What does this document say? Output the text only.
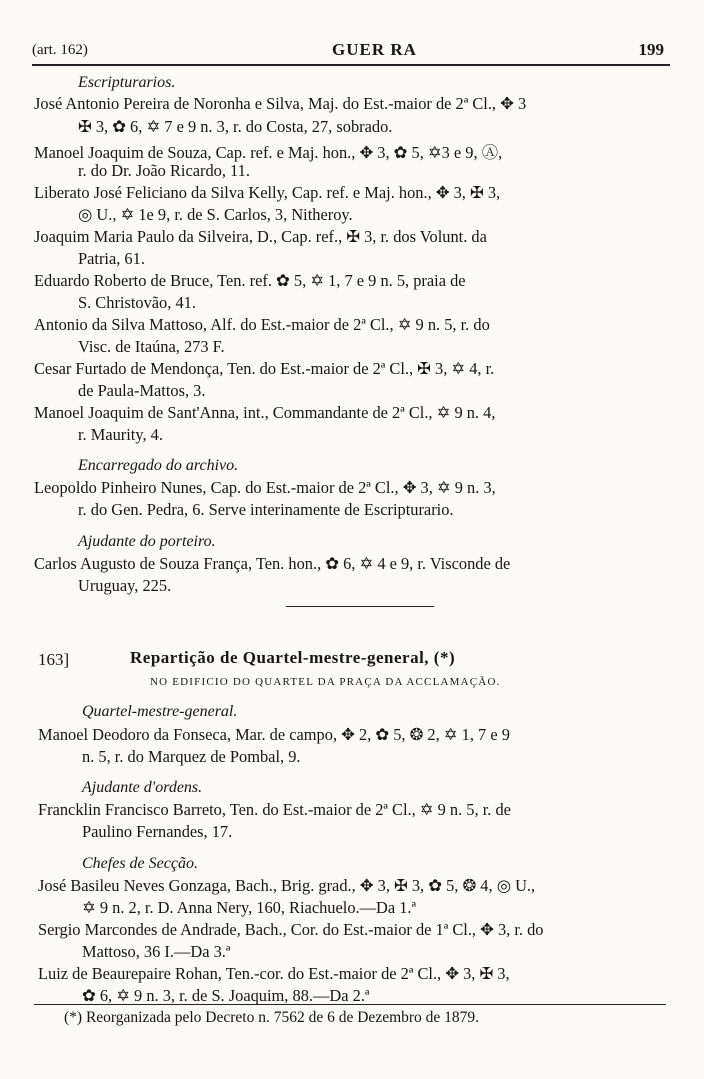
(art. 162)	GUER RA	199
Escripturarios.

José Antonio Pereira de Noronha e Silva, Maj. do Est.-maior de 2ª Cl., ✥ 3

✠ 3, ✿ 6, ✡ 7 e 9 n. 3, r. do Costa, 27, sobrado.

Manoel Joaquim de Souza, Cap. ref. e Maj. hon., ✥ 3, ✿ 5, ✡3 e 9, Ⓐ,

r. do Dr. João Ricardo, 11.

Liberato José Feliciano da Silva Kelly, Cap. ref. e Maj. hon., ✥ 3, ✠ 3,

◎ U., ✡ 1e 9, r. de S. Carlos, 3, Nitheroy.

Joaquim Maria Paulo da Silveira, D., Cap. ref., ✠ 3, r. dos Volunt. da

Patria, 61.

Eduardo Roberto de Bruce, Ten. ref. ✿ 5, ✡ 1, 7 e 9 n. 5, praia de

S. Christovão, 41.

Antonio da Silva Mattoso, Alf. do Est.-maior de 2ª Cl., ✡ 9 n. 5, r. do

Visc. de Itaúna, 273 F.

Cesar Furtado de Mendonça, Ten. do Est.-maior de 2ª Cl., ✠ 3, ✡ 4, r.

de Paula-Mattos, 3.

Manoel Joaquim de Sant'Anna, int., Commandante de 2ª Cl., ✡ 9 n. 4,

r. Maurity, 4.

Encarregado do archivo.

Leopoldo Pinheiro Nunes, Cap. do Est.-maior de 2ª Cl., ✥ 3, ✡ 9 n. 3,

r. do Gen. Pedra, 6. Serve interinamente de Escripturario.

Ajudante do porteiro.

Carlos Augusto de Souza França, Ten. hon., ✿ 6, ✡ 4 e 9, r. Visconde de

Uruguay, 225.

163]	Repartição de Quartel-mestre-general, (*)
NO EDIFICIO DO QUARTEL DA PRAÇA DA ACCLAMAÇÃO.
Quartel-mestre-general.

Manoel Deodoro da Fonseca, Mar. de campo, ✥ 2, ✿ 5, ❂ 2, ✡ 1, 7 e 9

n. 5, r. do Marquez de Pombal, 9.

Ajudante d'ordens.

Francklin Francisco Barreto, Ten. do Est.-maior de 2ª Cl., ✡ 9 n. 5, r. de

Paulino Fernandes, 17.

Chefes de Secção.

José Basileu Neves Gonzaga, Bach., Brig. grad., ✥ 3, ✠ 3, ✿ 5, ❂ 4, ◎ U.,

✡ 9 n. 2, r. D. Anna Nery, 160, Riachuelo.—Da 1.ª

Sergio Marcondes de Andrade, Bach., Cor. do Est.-maior de 1ª Cl., ✥ 3, r. do

Mattoso, 36 I.—Da 3.ª

Luiz de Beaurepaire Rohan, Ten.-cor. do Est.-maior de 2ª Cl., ✥ 3, ✠ 3,

✿ 6, ✡ 9 n. 3, r. de S. Joaquim, 88.—Da 2.ª

(*) Reorganizada pelo Decreto n. 7562 de 6 de Dezembro de 1879.
